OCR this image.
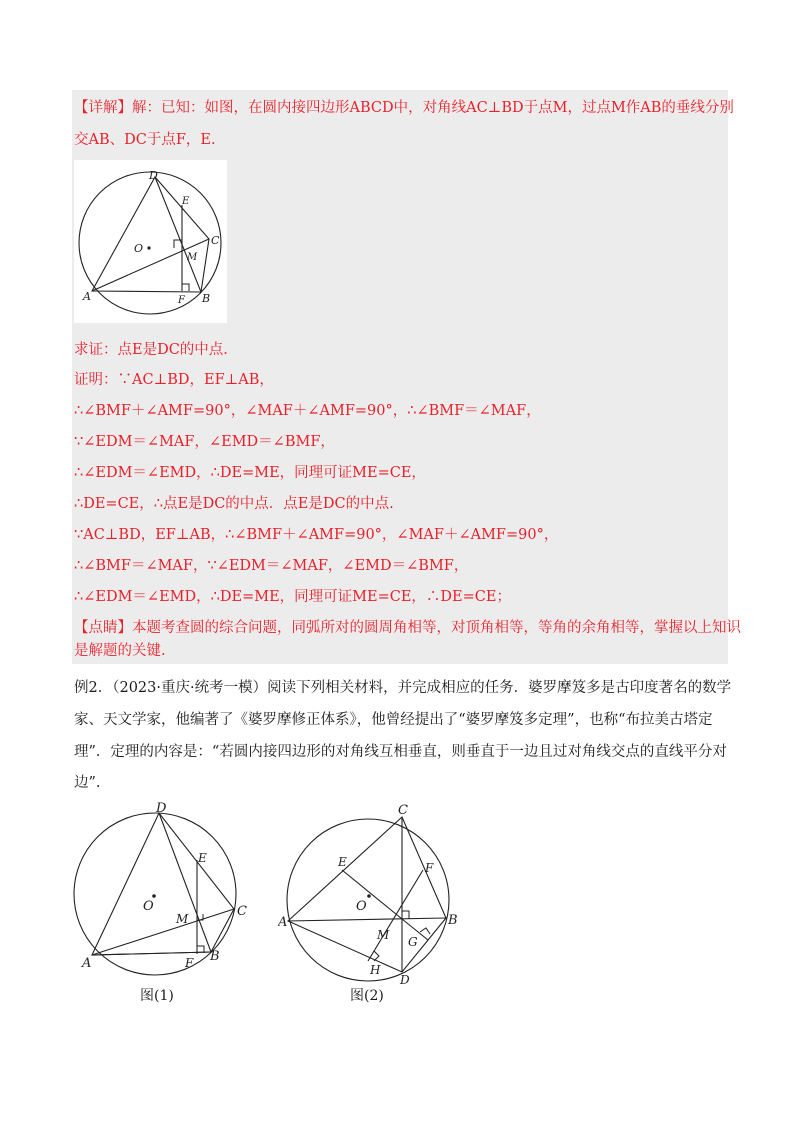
【详解】解：已知：如图，在圆内接四边形ABCD中，对角线AC⊥BD于点M，过点M作AB的垂线分别
交AB、DC于点F，E.
D
E
C
M
O
A	F B
求证：点E是DC的中点.
证明：∵AC⊥BD，EF⊥AB，
∴∠BMF＋∠AMF=90°，∠MAF＋∠AMF=90°，∴∠BMF＝∠MAF，
∵∠EDM＝∠MAF，∠EMD＝∠BMF，
∴∠EDM＝∠EMD，∴DE=ME，同理可证ME=CE，
∴DE=CE，∴点E是DC的中点．点E是DC的中点.
∵AC⊥BD，EF⊥AB，∴∠BMF＋∠AMF=90°，∠MAF＋∠AMF=90°，
∴∠BMF＝∠MAF，∵∠EDM＝∠MAF，∠EMD＝∠BMF，
∴∠EDM＝∠EMD，∴DE=ME，同理可证ME=CE，∴DE=CE；
【点睛】本题考查圆的综合问题，同弧所对的圆周角相等，对顶角相等，等角的余角相等，掌握以上知识
是解题的关键.
例2．（2023·重庆·统考一模）阅读下列相关材料，并完成相应的任务．婆罗摩笈多是古印度著名的数学
家、天文学家，他编著了《婆罗摩修正体系》，他曾经提出了“婆罗摩笈多定理”，也称“布拉美古塔定
理”．定理的内容是：“若圆内接四边形的对角线互相垂直，则垂直于一边且过对角线交点的直线平分对
边”.
D
E
C
M
O
A	F B
图(1)
C
E	F
O
A	B
M G
H
D
图(2)
